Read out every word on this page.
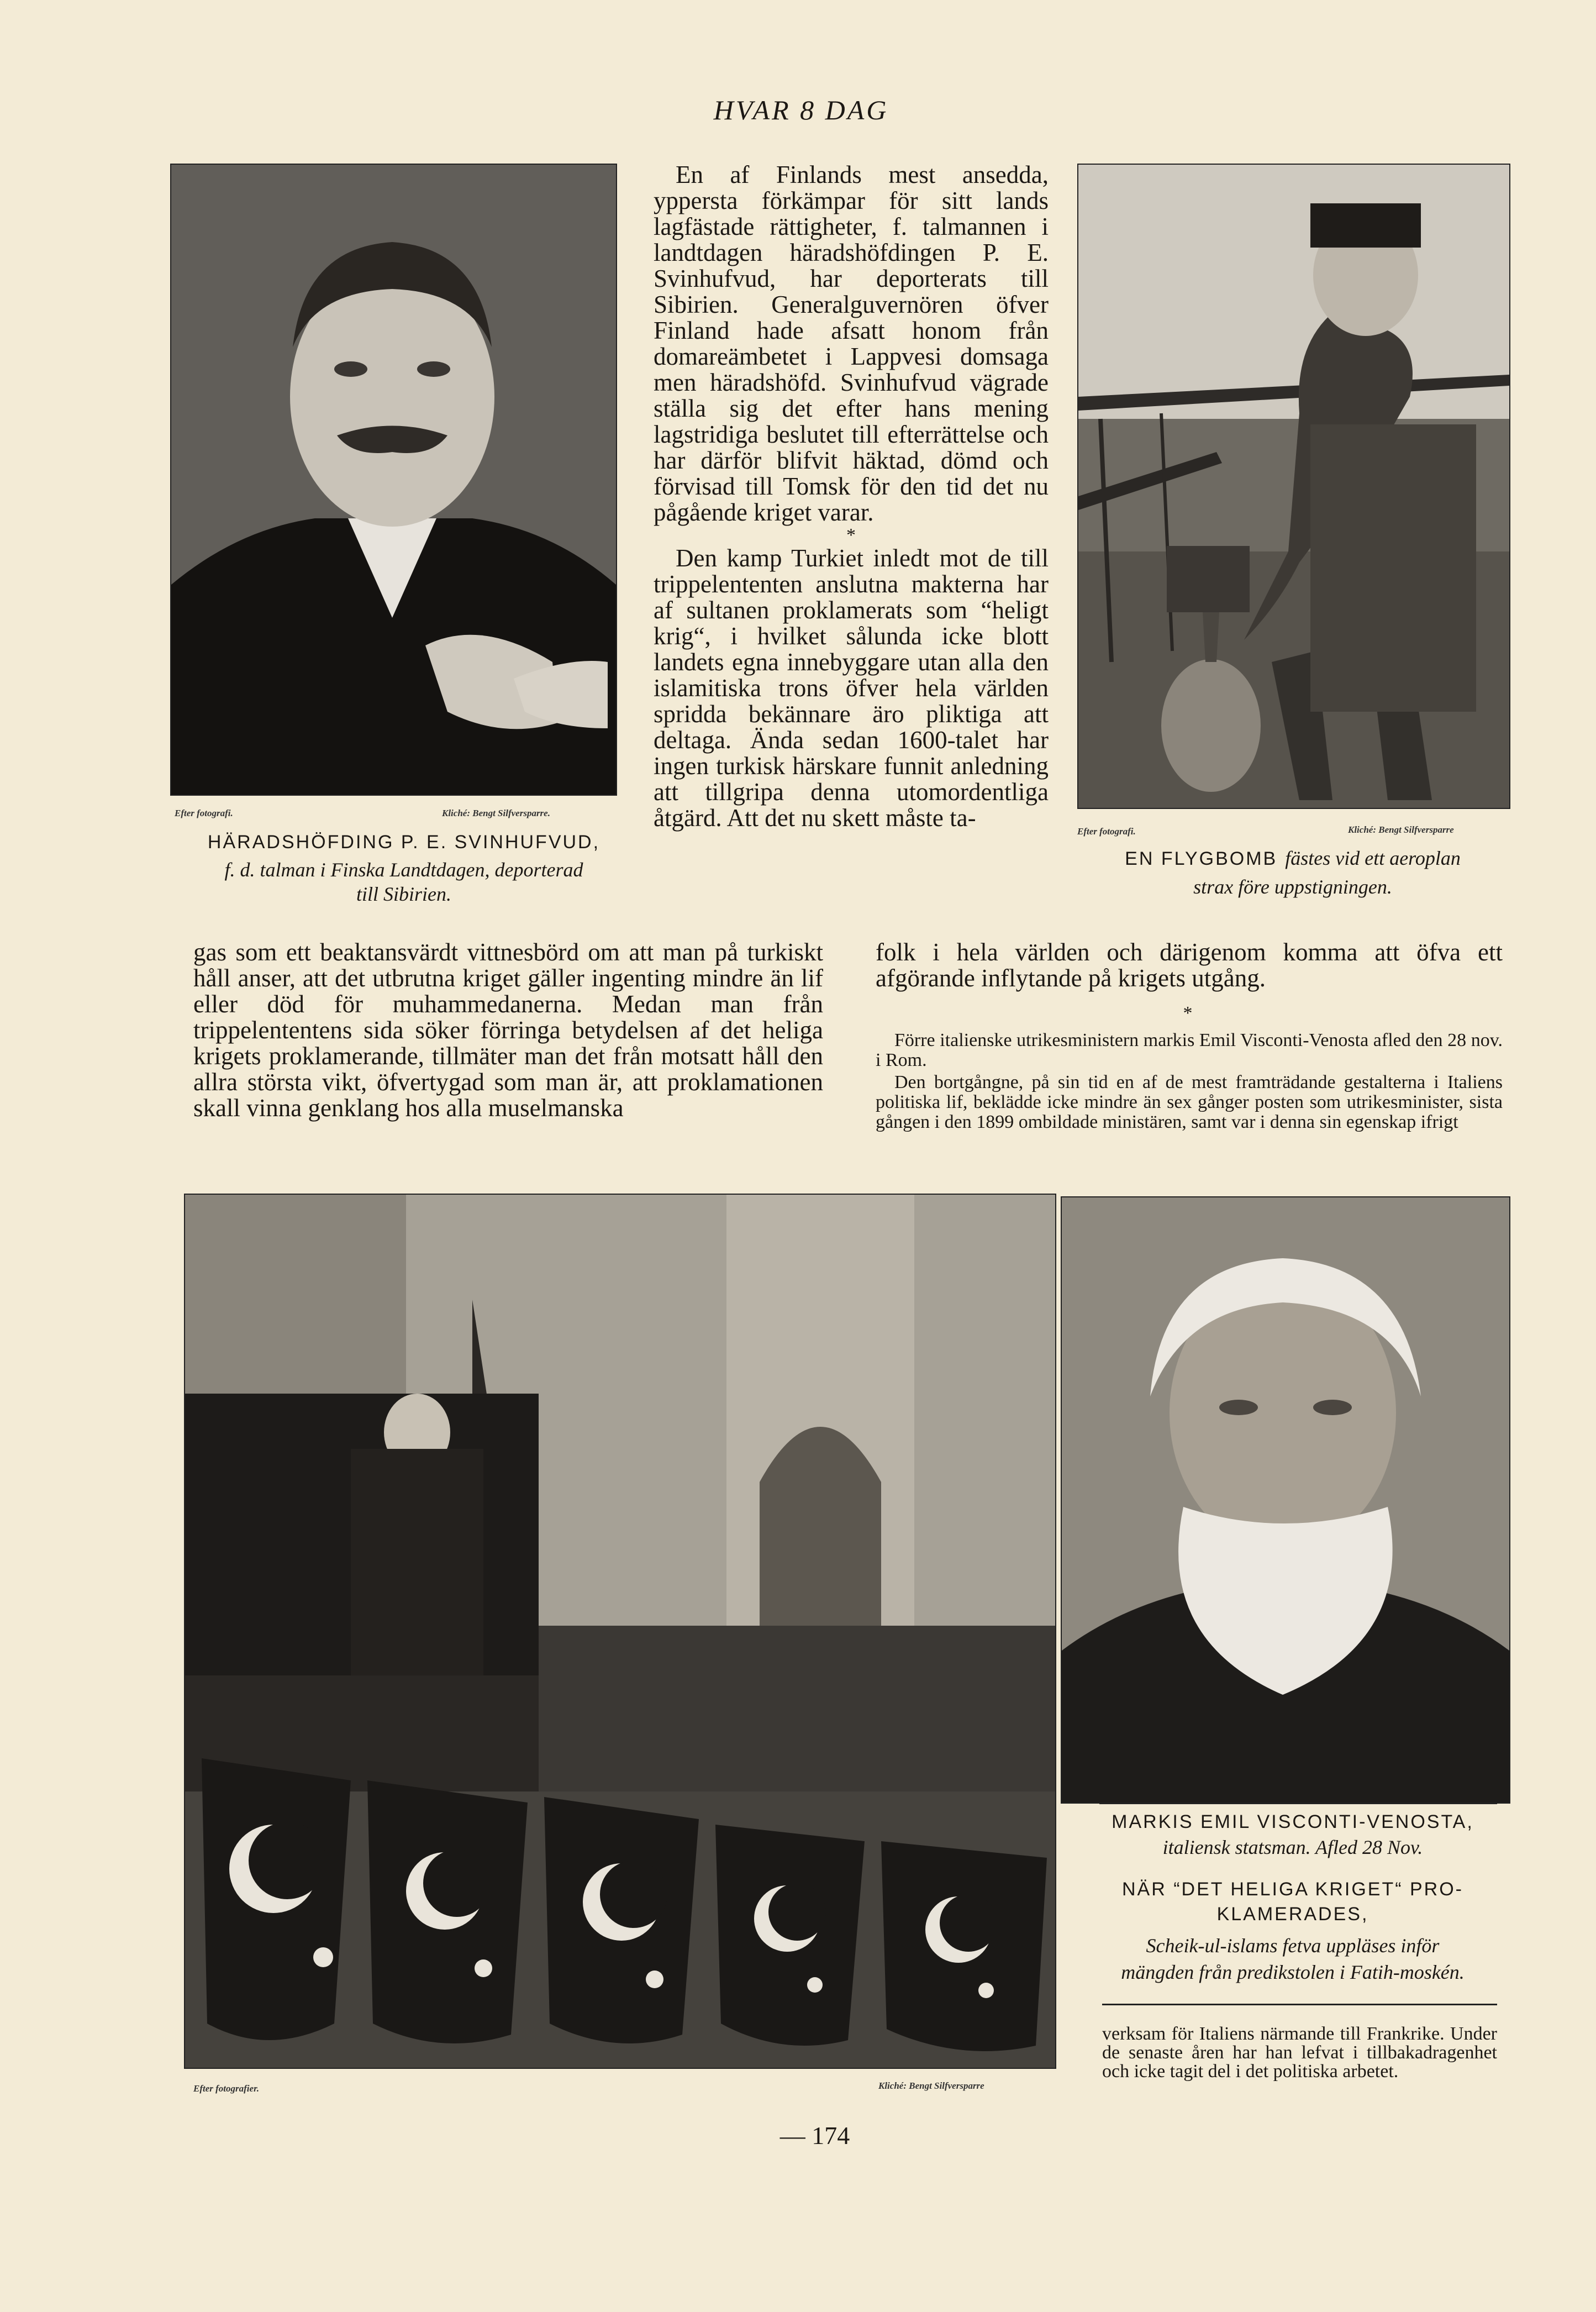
HVAR 8 DAG
Efter fotografi.	Kliché: Bengt Silfversparre.
HÄRADSHÖFDING P. E. SVINHUFVUD,
f. d. talman i Finska Landtdagen, deporterad
till Sibirien.

En af Finlands mest ansedda, yppersta förkämpar för sitt lands lagfästade rättigheter, f. talmannen i landtdagen häradshöfdingen P. E. Svinhufvud, har deporterats till Sibirien. Generalguvernören öfver Finland hade afsatt honom från domareämbetet i Lappvesi domsaga men häradshöfd. Svinhufvud vägrade ställa sig det efter hans mening lagstridiga beslutet till efterrättelse och har därför blifvit häktad, dömd och förvisad till Tomsk för den tid det nu pågående kriget varar.

*

Den kamp Turkiet inledt mot de till trippelententen anslutna makterna har af sultanen proklamerats som “heligt krig“, i hvilket sålunda icke blott landets egna innebyggare utan alla den islamitiska trons öfver hela världen spridda bekännare äro pliktiga att deltaga. Ända sedan 1600-talet har ingen turkisk härskare funnit anledning att tillgripa denna utomordentliga åtgärd. Att det nu skett måste ta-	Efter fotografi.	Kliché: Bengt Silfversparre
EN FLYGBOMB fästes vid ett aeroplan
strax före uppstigningen.
gas som ett beaktansvärdt vittnesbörd om att man på turkiskt håll anser, att det utbrutna kriget gäller ingenting mindre än lif eller död för muhammedanerna. Medan man från trippelententens sida söker förringa betydelsen af det heliga krigets proklamerande, tillmäter man det från motsatt håll den allra största vikt, öfvertygad som man är, att proklamationen skall vinna genklang hos alla muselmanska
folk i hela världen och därigenom komma att öfva ett afgörande inflytande på krigets utgång.
*
Förre italienske utrikesministern markis Emil Visconti-Venosta afled den 28 nov. i Rom.
Den bortgångne, på sin tid en af de mest framträdande gestalterna i Italiens politiska lif, beklädde icke mindre än sex gånger posten som utrikesminister, sista gången i den 1899 ombildade ministären, samt var i denna sin egenskap ifrigt
Efter fotografier.	Kliché: Bengt Silfversparre
MARKIS EMIL VISCONTI-VENOSTA,
italiensk statsman. Afled 28 Nov.
NÄR “DET HELIGA KRIGET“ PRO-
KLAMERADES,
Scheik-ul-islams fetva uppläses inför
mängden från predikstolen i Fatih-moskén.
verksam för Italiens närmande till Frankrike. Under de senaste åren har han lefvat i tillbakadragenhet och icke tagit del i det politiska arbetet.
— 174
